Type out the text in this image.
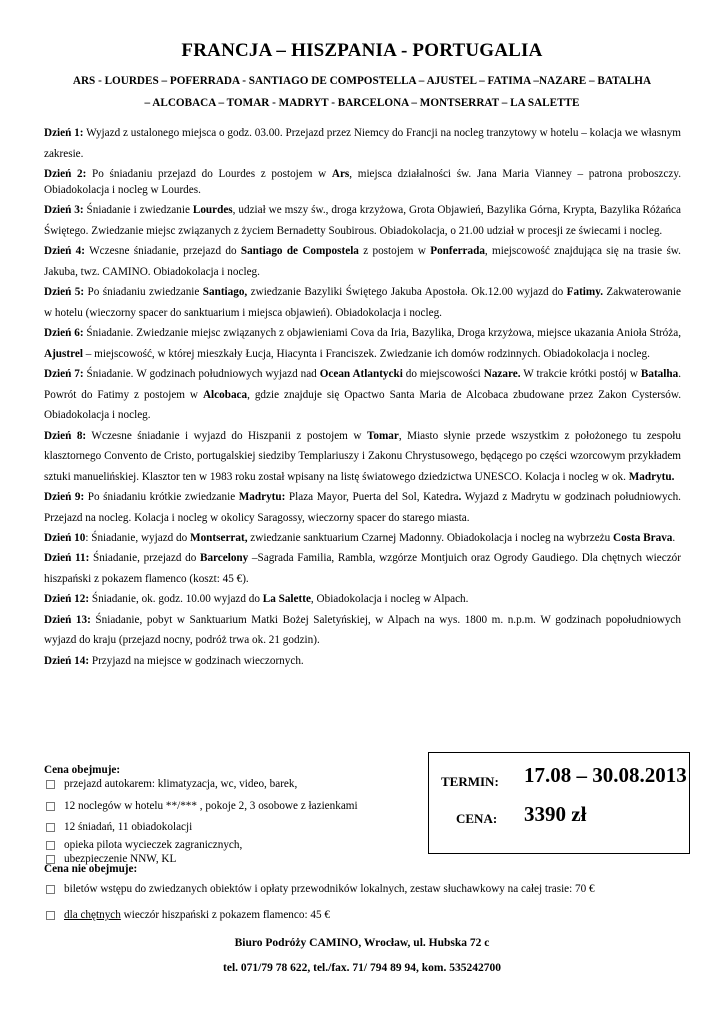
FRANCJA – HISZPANIA - PORTUGALIA
ARS - LOURDES – POFERRADA - SANTIAGO DE COMPOSTELLA – AJUSTEL – FATIMA –NAZARE – BATALHA
– ALCOBACA – TOMAR - MADRYT - BARCELONA – MONTSERRAT – LA SALETTE

Dzień 1: Wyjazd z ustalonego miejsca o godz. 03.00. Przejazd przez Niemcy do Francji na nocleg tranzytowy w hotelu – kolacja we własnym zakresie.

Dzień 2: Po śniadaniu przejazd do Lourdes z postojem w Ars, miejsca działalności św. Jana Maria Vianney – patrona proboszczy. Obiadokolacja i nocleg w Lourdes.

Dzień 3: Śniadanie i zwiedzanie Lourdes, udział we mszy św., droga krzyżowa, Grota Objawień, Bazylika Górna, Krypta, Bazylika Różańca Świętego. Zwiedzanie miejsc związanych z życiem Bernadetty Soubirous. Obiadokolacja, o 21.00 udział w procesji ze świecami i nocleg.

Dzień 4: Wczesne śniadanie, przejazd do Santiago de Compostela z postojem w Ponferrada, miejscowość znajdująca się na trasie św. Jakuba, twz. CAMINO. Obiadokolacja i nocleg.

Dzień 5: Po śniadaniu zwiedzanie Santiago, zwiedzanie Bazyliki Świętego Jakuba Apostoła. Ok.12.00 wyjazd do Fatimy. Zakwaterowanie w hotelu (wieczorny spacer do sanktuarium i miejsca objawień). Obiadokolacja i nocleg.

Dzień 6: Śniadanie. Zwiedzanie miejsc związanych z objawieniami Cova da Iria, Bazylika, Droga krzyżowa, miejsce ukazania Anioła Stróża, Ajustrel – miejscowość, w której mieszkały Łucja, Hiacynta i Franciszek. Zwiedzanie ich domów rodzinnych. Obiadokolacja i nocleg.

Dzień 7: Śniadanie. W godzinach południowych wyjazd nad Ocean Atlantycki do miejscowości Nazare. W trakcie krótki postój w Batalha. Powrót do Fatimy z postojem w Alcobaca, gdzie znajduje się Opactwo Santa Maria de Alcobaca zbudowane przez Zakon Cystersów. Obiadokolacja i nocleg.

Dzień 8: Wczesne śniadanie i wyjazd do Hiszpanii z postojem w Tomar, Miasto słynie przede wszystkim z położonego tu zespołu klasztornego Convento de Cristo, portugalskiej siedziby Templariuszy i Zakonu Chrystusowego, będącego po części wzorcowym przykładem sztuki manuelińskiej. Klasztor ten w 1983 roku został wpisany na listę światowego dziedzictwa UNESCO. Kolacja i nocleg w ok. Madrytu.

Dzień 9: Po śniadaniu krótkie zwiedzanie Madrytu: Plaza Mayor, Puerta del Sol, Katedra. Wyjazd z Madrytu w godzinach południowych. Przejazd na nocleg. Kolacja i nocleg w okolicy Saragossy, wieczorny spacer do starego miasta.

Dzień 10: Śniadanie, wyjazd do Montserrat, zwiedzanie sanktuarium Czarnej Madonny. Obiadokolacja i nocleg na wybrzeżu Costa Brava.

Dzień 11: Śniadanie, przejazd do Barcelony –Sagrada Familia, Rambla, wzgórze Montjuich oraz Ogrody Gaudiego. Dla chętnych wieczór hiszpański z pokazem flamenco (koszt: 45 €).

Dzień 12: Śniadanie, ok. godz. 10.00 wyjazd do La Salette, Obiadokolacja i nocleg w Alpach.

Dzień 13: Śniadanie, pobyt w Sanktuarium Matki Bożej Saletyńskiej, w Alpach na wys. 1800 m. n.p.m. W godzinach popołudniowych wyjazd do kraju (przejazd nocny, podróż trwa ok. 21 godzin).

Dzień 14: Przyjazd na miejsce w godzinach wieczornych.

Cena obejmuje:
przejazd autokarem: klimatyzacja, wc, video, barek,
12 noclegów w hotelu **/*** , pokoje 2, 3 osobowe z łazienkami
12 śniadań, 11 obiadokolacji
opieka pilota wycieczek zagranicznych,
ubezpieczenie NNW, KL
Cena nie obejmuje:
biletów wstępu do zwiedzanych obiektów i opłaty przewodników lokalnych, zestaw słuchawkowy na całej trasie: 70 €
dla chętnych wieczór hiszpański z pokazem flamenco: 45 €
TERMIN: 17.08 – 30.08.2013
CENA: 3390 zł
Biuro Podróży CAMINO, Wrocław, ul. Hubska 72 c
tel. 071/79 78 622, tel./fax. 71/ 794 89 94, kom. 535242700
